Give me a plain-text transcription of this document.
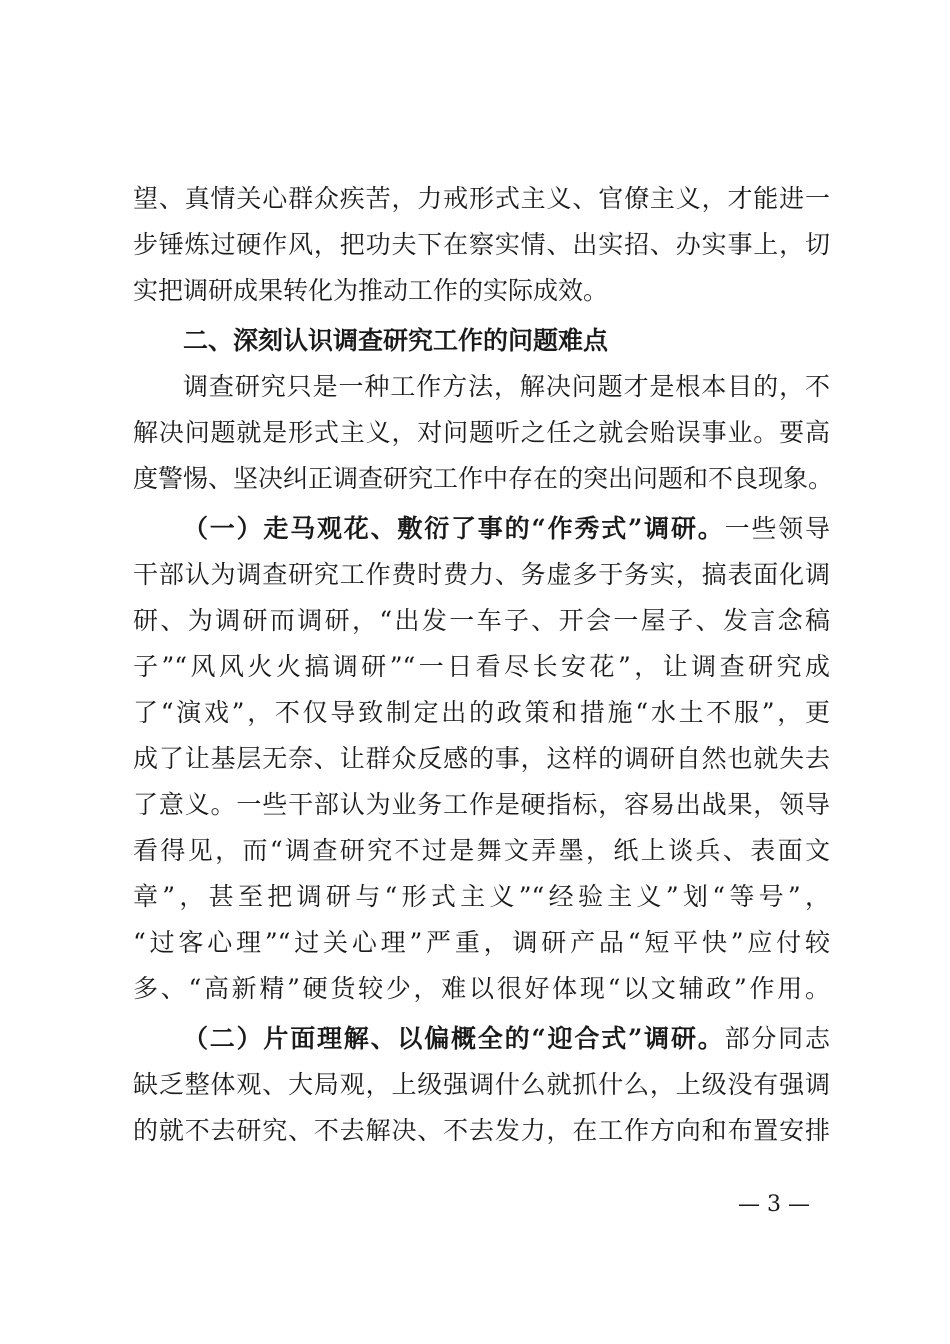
望、真情关心群众疾苦，力戒形式主义、官僚主义，才能进一
步锤炼过硬作风，把功夫下在察实情、出实招、办实事上，切
实把调研成果转化为推动工作的实际成效。
二、深刻认识调查研究工作的问题难点
调查研究只是一种工作方法，解决问题才是根本目的，不
解决问题就是形式主义，对问题听之任之就会贻误事业。要高
度警惕、坚决纠正调查研究工作中存在的突出问题和不良现象。
（一）走马观花、敷衍了事的“作秀式”调研。一些领导
干部认为调查研究工作费时费力、务虚多于务实，搞表面化调
研、为调研而调研，“出发一车子、开会一屋子、发言念稿
子”“风风火火搞调研”“一日看尽长安花”，让调查研究成
了“演戏”，不仅导致制定出的政策和措施“水土不服”，更
成了让基层无奈、让群众反感的事，这样的调研自然也就失去
了意义。一些干部认为业务工作是硬指标，容易出战果，领导
看得见，而“调查研究不过是舞文弄墨，纸上谈兵、表面文
章”，甚至把调研与“形式主义”“经验主义”划“等号”，
“过客心理”“过关心理”严重，调研产品“短平快”应付较
多、“高新精”硬货较少，难以很好体现“以文辅政”作用。
（二）片面理解、以偏概全的“迎合式”调研。部分同志
缺乏整体观、大局观，上级强调什么就抓什么，上级没有强调
的就不去研究、不去解决、不去发力，在工作方向和布置安排
— 3 —
